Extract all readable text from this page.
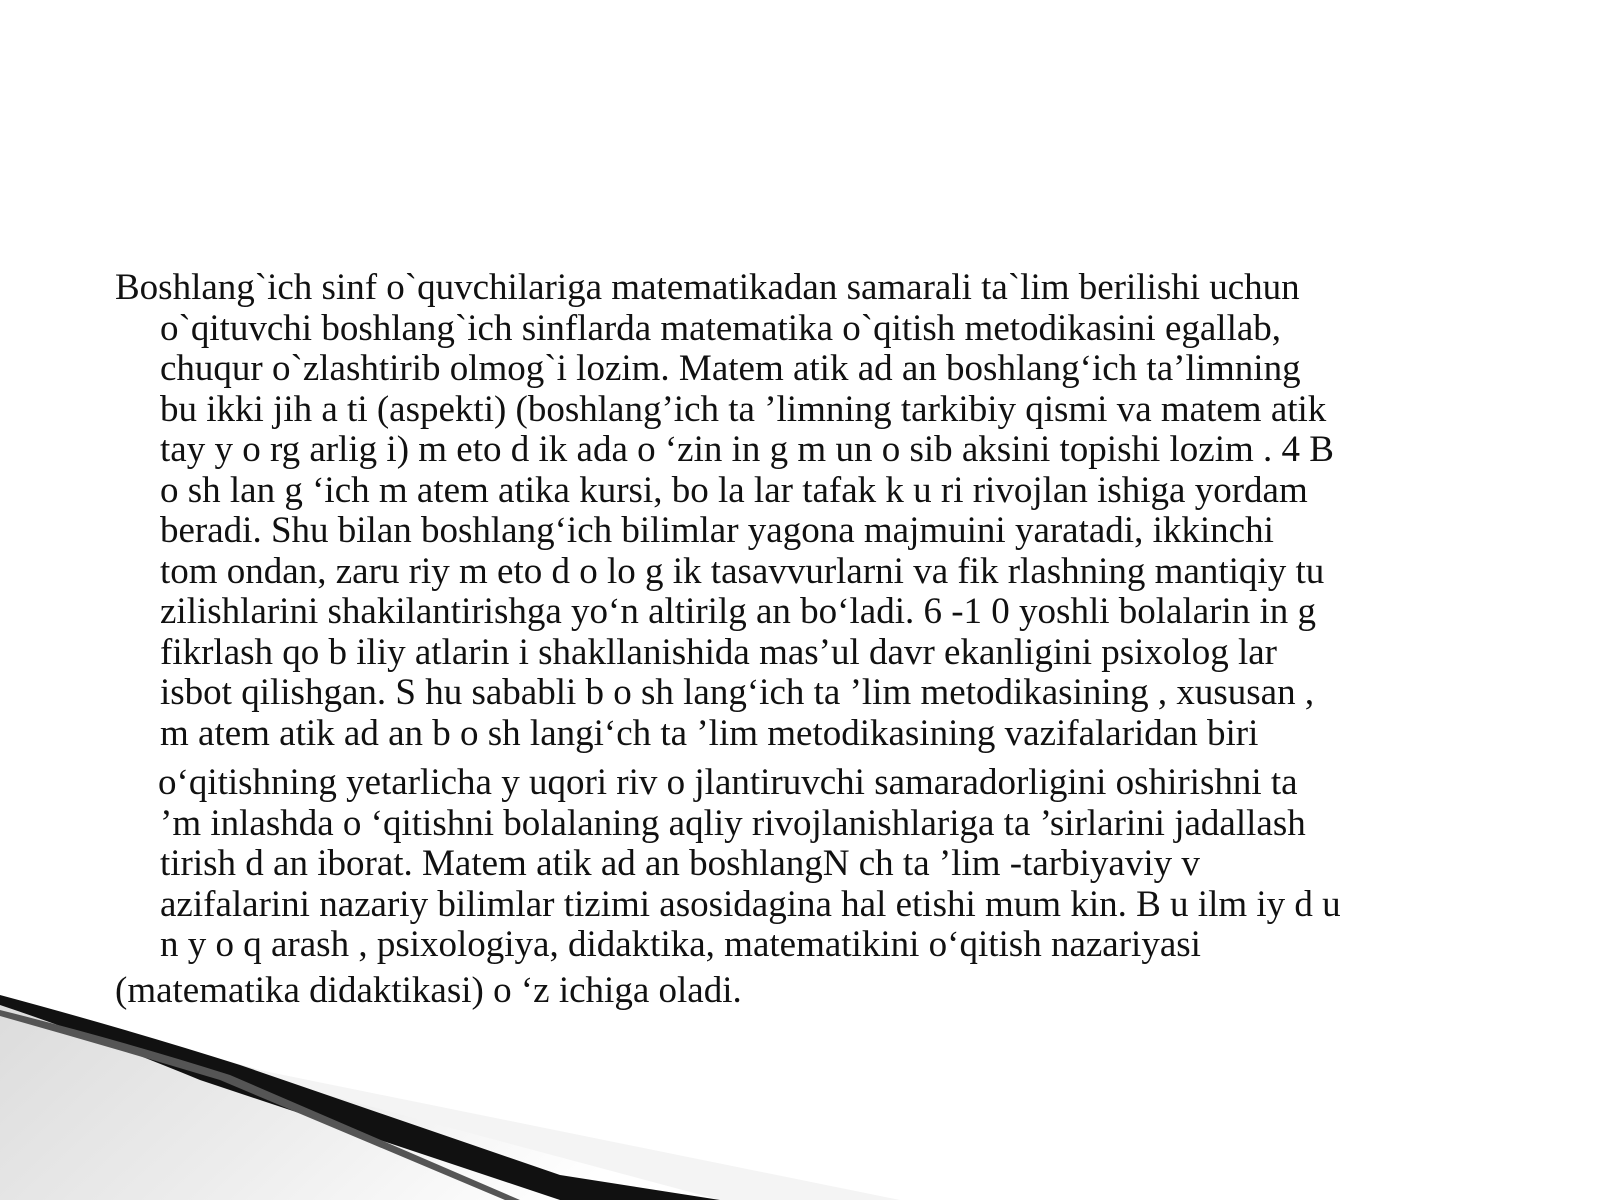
Boshlang`ich sinf o`quvchilariga matematikadan samarali ta`lim berilishi uchun
o`qituvchi boshlang`ich sinflarda matematika o`qitish metodikasini egallab,
chuqur o`zlashtirib olmog`i lozim. Matem atik ad an boshlang‘ich ta’limning
bu ikki jih a ti (aspekti) (boshlang’ich ta ’limning tarkibiy qismi va matem atik
tay y o rg arlig i) m eto d ik ada o ‘zin in g m un o sib aksini topishi lozim . 4 B
o sh lan g ‘ich m atem atika kursi, bo la lar tafak k u ri rivojlan ishiga yordam
beradi. Shu bilan boshlang‘ich bilimlar yagona majmuini yaratadi, ikkinchi
tom ondan, zaru riy m eto d o lo g ik tasavvurlarni va fik rlashning mantiqiy tu
zilishlarini shakilantirishga yo‘n altirilg an bo‘ladi. 6 -1 0 yoshli bolalarin in g
fikrlash qo b iliy atlarin i shakllanishida mas’ul davr ekanligini psixolog lar
isbot qilishgan. S hu sababli b o sh lang‘ich ta ’lim metodikasining , xususan ,
m atem atik ad an b o sh langi‘ch ta ’lim metodikasining vazifalaridan biri
o‘qitishning yetarlicha y uqori riv o jlantiruvchi samaradorligini oshirishni ta
’m inlashda o ‘qitishni bolalaning aqliy rivojlanishlariga ta ’sirlarini jadallash
tirish d an iborat. Matem atik ad an boshlangN ch ta ’lim -tarbiyaviy v
azifalarini nazariy bilimlar tizimi asosidagina hal etishi mum kin. B u ilm iy d u
n y o q arash , psixologiya, didaktika, matematikini o‘qitish nazariyasi
(matematika didaktikasi) o ‘z ichiga oladi.
